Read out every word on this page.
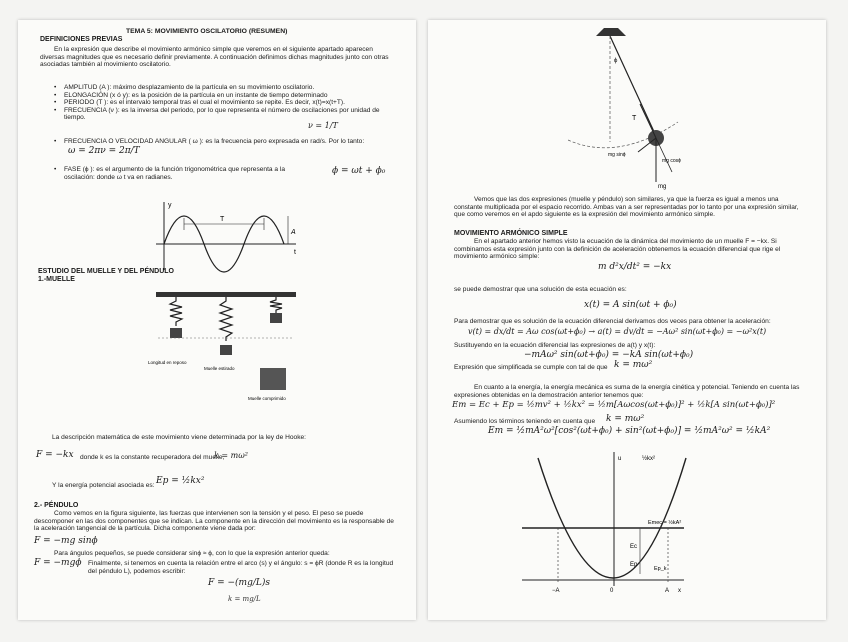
TEMA 5: MOVIMIENTO OSCILATORIO (RESUMEN)
DEFINICIONES PREVIAS
En la expresión que describe el movimiento armónico simple que veremos en el siguiente apartado aparecen diversas magnitudes que es necesario definir previamente. A continuación definimos dichas magnitudes junto con otras asociadas también al movimiento oscilatorio.
• AMPLITUD (A ): máximo desplazamiento de la partícula en su movimiento oscilatorio.
• ELONGACIÓN (x ó y): es la posición de la partícula en un instante de tiempo determinado
• PERIODO (T ): es el intervalo temporal tras el cual el movimiento se repite. Es decir, x(t)=x(t+T).
• FRECUENCIA (ν ): es la inversa del periodo, por lo que representa el número de oscilaciones por unidad de tiempo.
ν = 1/T
• FRECUENCIA O VELOCIDAD ANGULAR ( ω ): es la frecuencia pero expresada en rad/s. Por lo tanto:
ω = 2πν = 2π/T
• FASE (ϕ ): es el argumento de la función trigonométrica que representa a la oscilación: donde ω t va en radianes.
ϕ = ωt + ϕ₀
T
A
t
y
ESTUDIO DEL MUELLE Y DEL PÉNDULO
1.-MUELLE
Longitud en reposo
Muelle estirado
Muelle comprimido
La descripción matemática de este movimiento viene determinada por la ley de Hooke:
F = −kx donde k es la constante recuperadora del muelle,
k = mω²
Y la energía potencial asociada es: Ep = ½kx²
2.- PÉNDULO
Como vemos en la figura siguiente, las fuerzas que intervienen son la tensión y el peso. El peso se puede descomponer en las dos componentes que se indican. La componente en la dirección del movimiento es la responsable de la aceleración tangencial de la partícula. Dicha componente viene dada por:
F = −mg sinϕ
Para ángulos pequeños, se puede considerar sinϕ ≈ ϕ, con lo que la expresión anterior queda:
F = −mgϕ Finalmente, si tenemos en cuenta la relación entre el arco (s) y el ángulo: s = ϕR (donde R es la longitud del péndulo L), podemos escribir:
F = −(mg/L)s
k = mg/L
T
mg
mg sinϕ
mg cosϕ
ϕ
Vemos que las dos expresiones (muelle y péndulo) son similares, ya que la fuerza es igual a menos una constante multiplicada por el espacio recorrido. Ambas van a ser representadas por lo tanto por una expresión similar, que como veremos en el apdo siguiente es la expresión del movimiento armónico simple.
MOVIMIENTO ARMÓNICO SIMPLE
En el apartado anterior hemos visto la ecuación de la dinámica del movimiento de un muelle F = −kx. Si combinamos esta expresión junto con la definición de aceleración obtenemos la ecuación diferencial que rige el movimiento armónico simple:
m d²x/dt² = −kx
se puede demostrar que una solución de esta ecuación es:
x(t) = A sin(ωt + ϕ₀)
Para demostrar que es solución de la ecuación diferencial derivamos dos veces para obtener la aceleración:
v(t) = dx/dt = Aω cos(ωt+ϕ₀) → a(t) = dv/dt = −Aω² sin(ωt+ϕ₀) = −ω²x(t)
Sustituyendo en la ecuación diferencial las expresiones de a(t) y x(t):
−mAω² sin(ωt+ϕ₀) = −kA sin(ωt+ϕ₀)
Expresión que simplificada se cumple con tal de que k = mω²
En cuanto a la energía, la energía mecánica es suma de la energía cinética y potencial. Teniendo en cuenta las expresiones obtenidas en la demostración anterior tenemos que:
Em = Ec + Ep = ½mv² + ½kx² = ½m[Aωcos(ωt+ϕ₀)]² + ½k[A sin(ωt+ϕ₀)]²
Asumiendo los términos teniendo en cuenta que k = mω²
Em = ½mA²ω²[cos²(ωt+ϕ₀) + sin²(ωt+ϕ₀)] = ½mA²ω² = ½kA²
u	½kx²
Emec = ½kA²
Ec
Ep
Ep_k
−A	A
0	x
